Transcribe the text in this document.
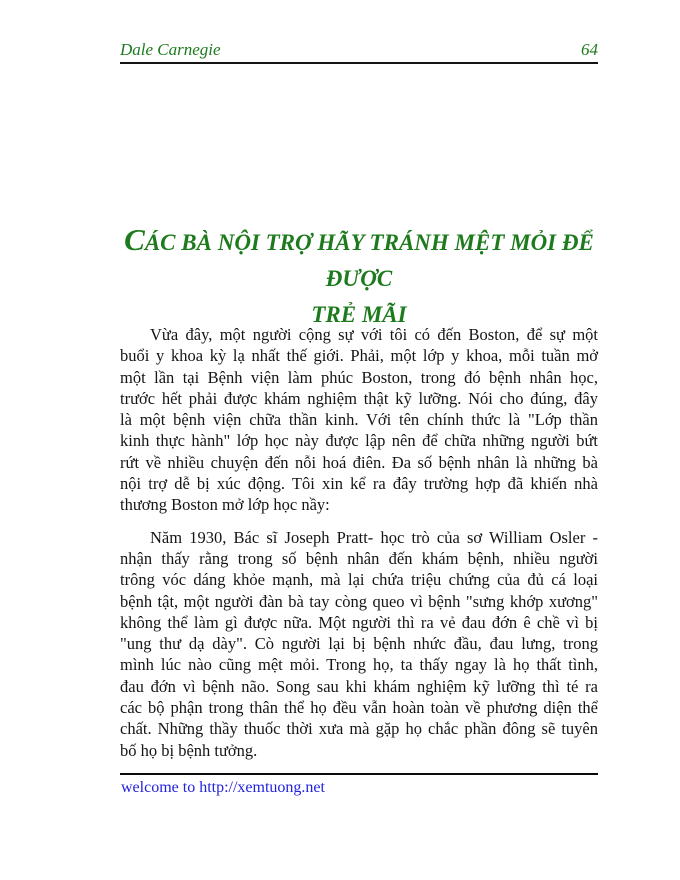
Dale Carnegie	64
CÁC BÀ NỘI TRỢ HÃY TRÁNH MỆT MỎI ĐỂ ĐƯỢC
TRẺ MÃI
Vừa đây, một người cộng sự với tôi có đến Boston, để sự một
buổi y khoa kỳ lạ nhất thế giới. Phải, một lớp y khoa, mỗi tuần mở
một lần tại Bệnh viện làm phúc Boston, trong đó bệnh nhân học,
trước hết phải được khám nghiệm thật kỹ lưỡng. Nói cho đúng, đây
là một bệnh viện chữa thần kinh. Với tên chính thức là "Lớp thần
kinh thực hành" lớp học này được lập nên để chữa những người bứt
rứt về nhiều chuyện đến nỗi hoá điên. Đa số bệnh nhân là những bà
nội trợ dễ bị xúc động. Tôi xin kể ra đây trường hợp đã khiến nhà
thương Boston mở lớp học nầy:
Năm 1930, Bác sĩ Joseph Pratt- học trò của sơ William Osler -
nhận thấy rằng trong số bệnh nhân đến khám bệnh, nhiều người
trông vóc dáng khỏe mạnh, mà lại chứa triệu chứng của đủ cá loại
bệnh tật, một người đàn bà tay còng queo vì bệnh "sưng khớp xương"
không thể làm gì được nữa. Một người thì ra vẻ đau đớn ê chề vì bị
"ung thư dạ dày". Cò người lại bị bệnh nhức đầu, đau lưng, trong
mình lúc nào cũng mệt mỏi. Trong họ, ta thấy ngay là họ thất tình,
đau đớn vì bệnh não. Song sau khi khám nghiệm kỹ lưỡng thì té ra
các bộ phận trong thân thể họ đều vẫn hoàn toàn về phương diện thể
chất. Những thầy thuốc thời xưa mà gặp họ chắc phần đông sẽ tuyên
bố họ bị bệnh tưởng.
welcome to http://xemtuong.net
